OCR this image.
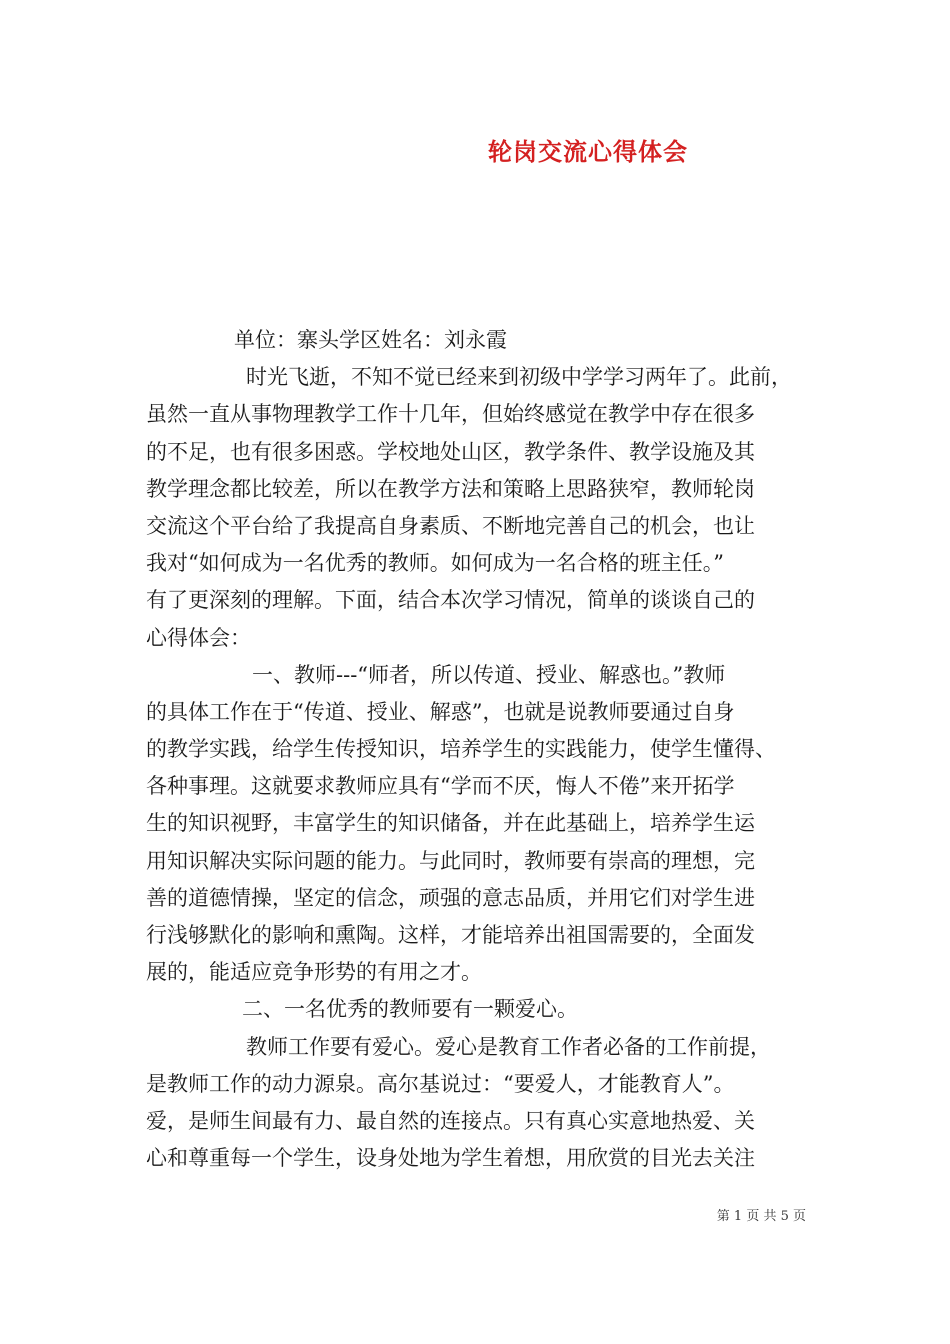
轮岗交流心得体会
单位：寨头学区姓名：刘永霞
时光飞逝，不知不觉已经来到初级中学学习两年了。此前，
虽然一直从事物理教学工作十几年，但始终感觉在教学中存在很多
的不足，也有很多困惑。学校地处山区，教学条件、教学设施及其
教学理念都比较差，所以在教学方法和策略上思路狭窄，教师轮岗
交流这个平台给了我提高自身素质、不断地完善自己的机会，也让
我对“如何成为一名优秀的教师。如何成为一名合格的班主任。”
有了更深刻的理解。下面，结合本次学习情况，简单的谈谈自己的
心得体会：
一、教师---“师者，所以传道、授业、解惑也。”教师
的具体工作在于“传道、授业、解惑”，也就是说教师要通过自身
的教学实践，给学生传授知识，培养学生的实践能力，使学生懂得、
各种事理。这就要求教师应具有“学而不厌，悔人不倦”来开拓学
生的知识视野，丰富学生的知识储备，并在此基础上，培养学生运
用知识解决实际问题的能力。与此同时，教师要有崇高的理想，完
善的道德情操，坚定的信念，顽强的意志品质，并用它们对学生进
行浅够默化的影响和熏陶。这样，才能培养出祖国需要的，全面发
展的，能适应竞争形势的有用之才。
二、一名优秀的教师要有一颗爱心。
教师工作要有爱心。爱心是教育工作者必备的工作前提，
是教师工作的动力源泉。高尔基说过：“要爱人，才能教育人”。
爱，是师生间最有力、最自然的连接点。只有真心实意地热爱、关
心和尊重每一个学生，设身处地为学生着想，用欣赏的目光去关注
第 1 页 共 5 页
